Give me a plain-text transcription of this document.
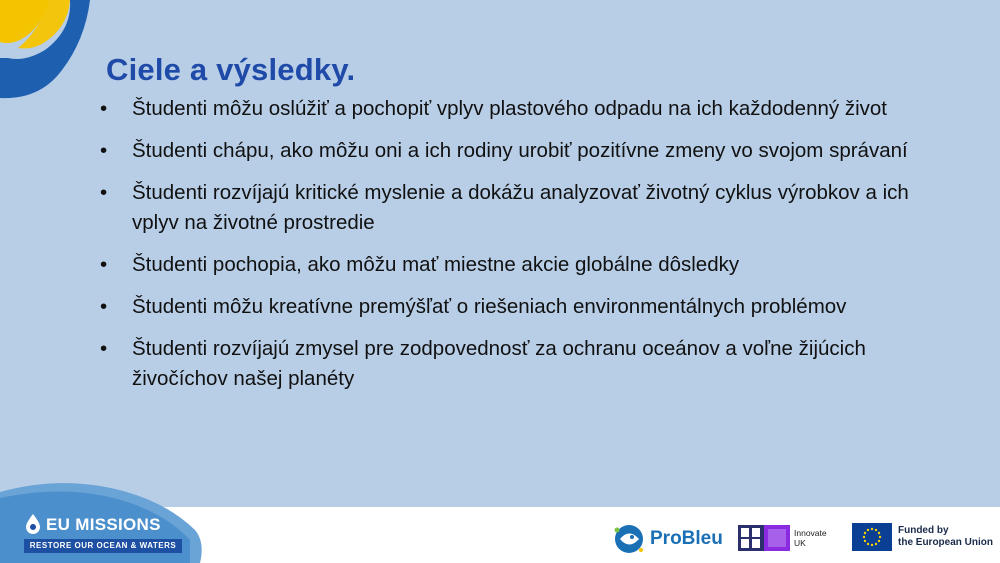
Ciele a výsledky.
• Študenti môžu oslúžiť a pochopiť vplyv plastového odpadu na ich každodenný život
• Študenti chápu, ako môžu oni a ich rodiny urobiť pozitívne zmeny vo svojom správaní
• Študenti rozvíjajú kritické myslenie a dokážu analyzovať životný cyklus výrobkov a ich vplyv na životné prostredie
• Študenti pochopia, ako môžu mať miestne akcie globálne dôsledky
• Študenti môžu kreatívne premýšľať o riešeniach environmentálnych problémov
• Študenti rozvíjajú zmysel pre zodpovednosť za ochranu oceánov a voľne žijúcich živočíchov našej planéty
EU MISSIONS
RESTORE OUR OCEAN & WATERS	ProBleu	Innovate
UK
Funded by
the European Union
